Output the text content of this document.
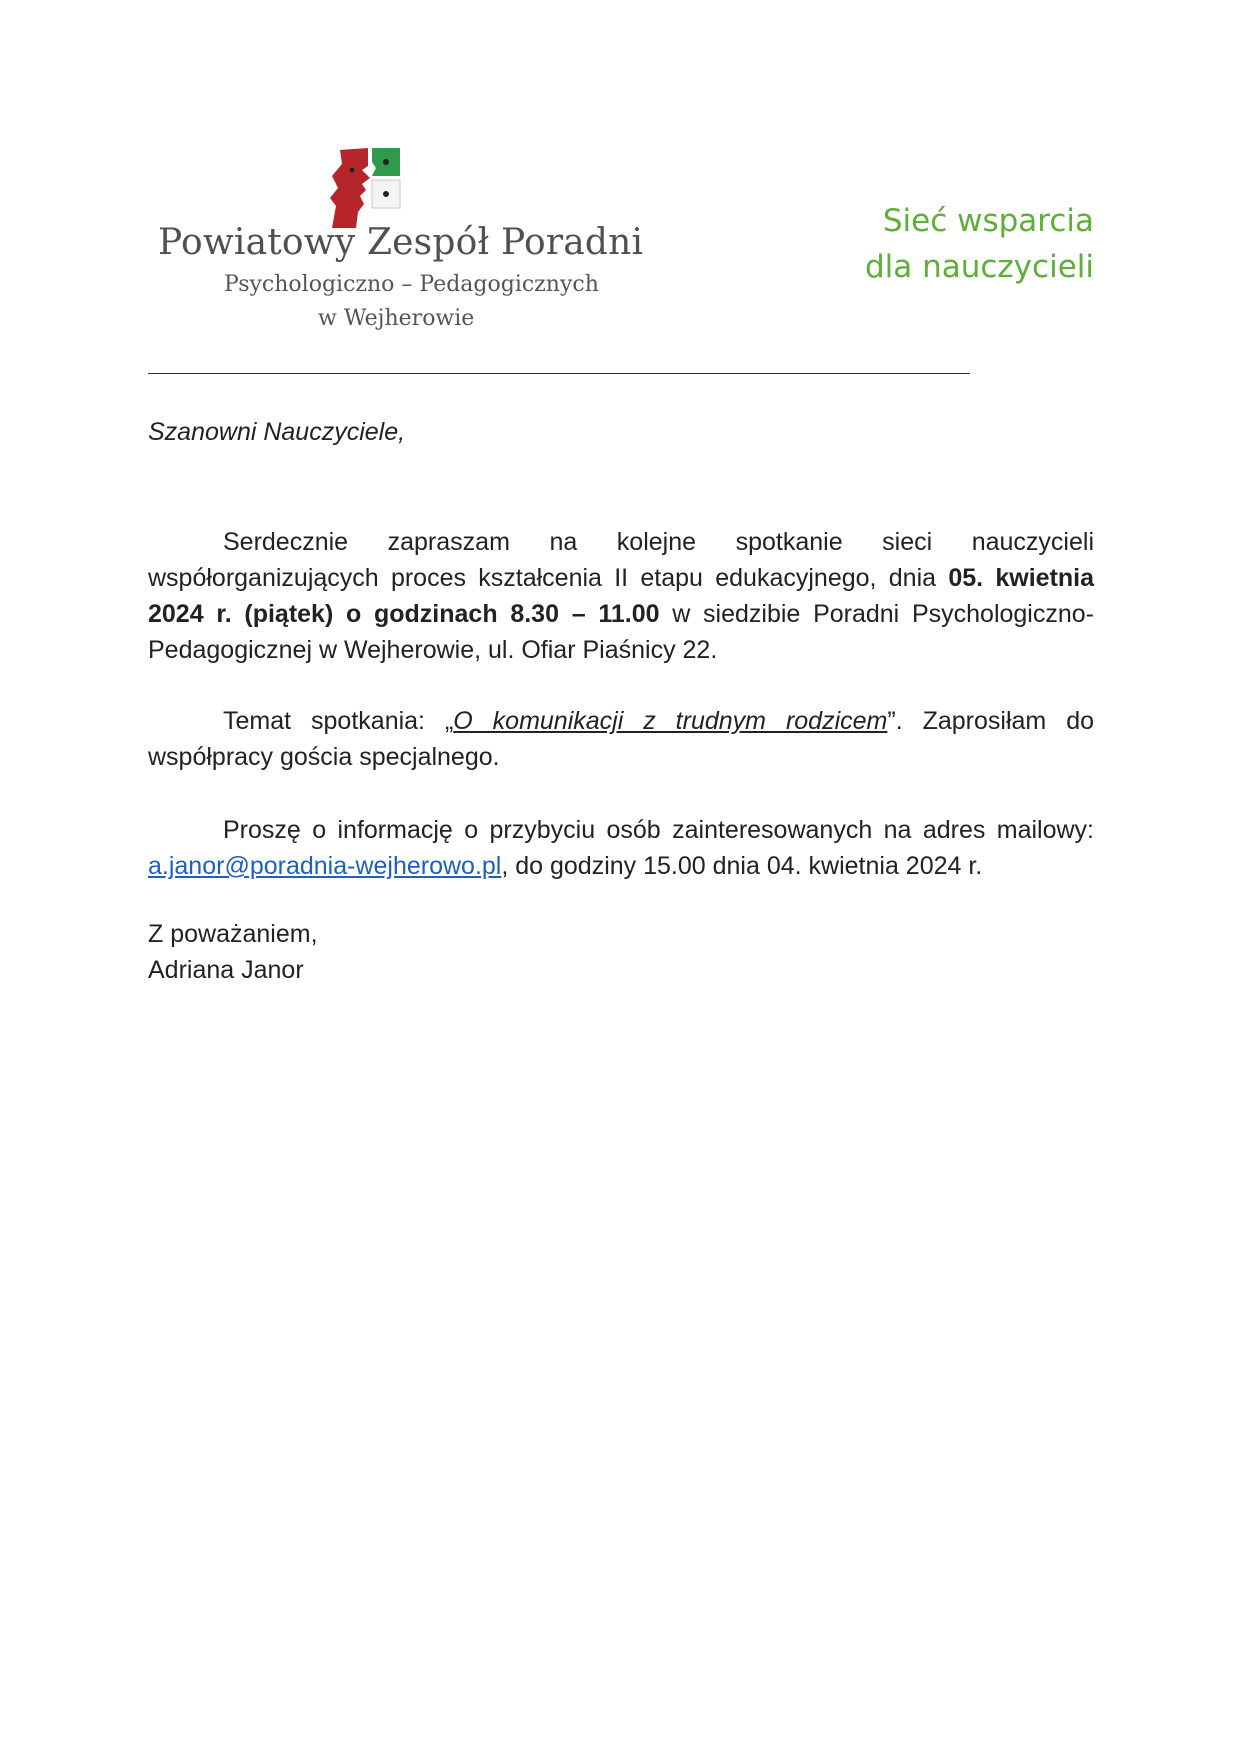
Powiatowy Zespół Poradni
Psychologiczno – Pedagogicznych
w Wejherowie
Sieć wsparcia
dla nauczycieli
Szanowni Nauczyciele,

Serdecznie zapraszam na kolejne spotkanie sieci nauczycieli współorganizujących proces kształcenia II etapu edukacyjnego, dnia 05. kwietnia 2024 r. (piątek) o godzinach 8.30 – 11.00 w siedzibie Poradni Psychologiczno-Pedagogicznej w Wejherowie, ul. Ofiar Piaśnicy 22.

Temat spotkania: „O komunikacji z trudnym rodzicem”. Zaprosiłam do współpracy gościa specjalnego.

Proszę o informację o przybyciu osób zainteresowanych na adres mailowy: a.janor@poradnia-wejherowo.pl, do godziny 15.00 dnia 04. kwietnia 2024 r.

Z poważaniem,
Adriana Janor
